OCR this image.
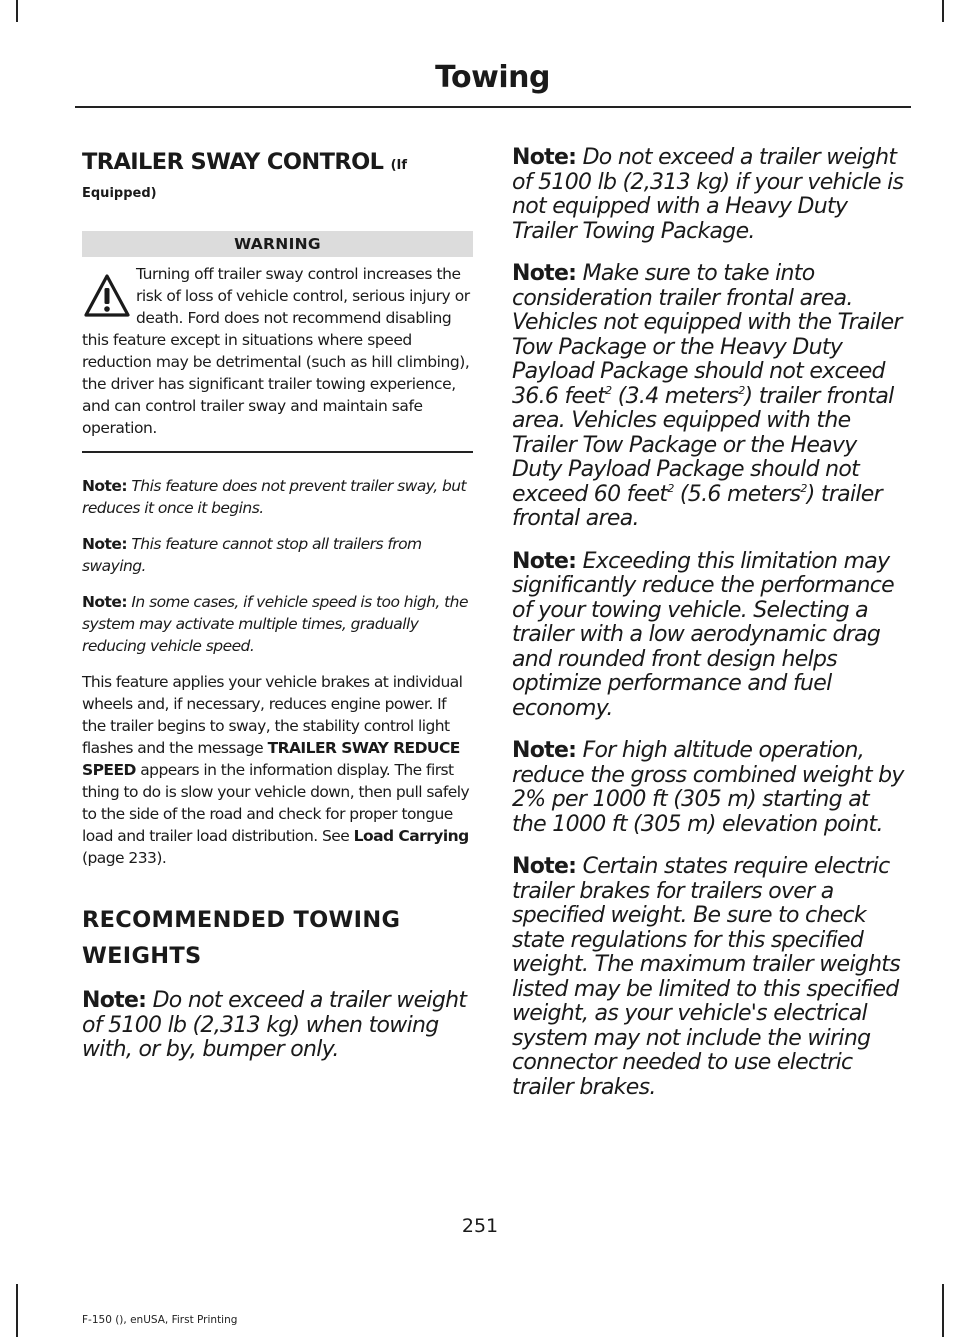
Towing
TRAILER SWAY CONTROL (If
Equipped)
WARNING
Turning off trailer sway control increases the risk of loss of vehicle control, serious injury or death. Ford does not recommend disabling this feature except in situations where speed reduction may be detrimental (such as hill climbing), the driver has significant trailer towing experience, and can control trailer sway and maintain safe operation.

Note: This feature does not prevent trailer sway, but reduces it once it begins.

Note: This feature cannot stop all trailers from swaying.

Note: In some cases, if vehicle speed is too high, the system may activate multiple times, gradually reducing vehicle speed.

This feature applies your vehicle brakes at individual wheels and, if necessary, reduces engine power. If the trailer begins to sway, the stability control light flashes and the message TRAILER SWAY REDUCE SPEED appears in the information display. The first thing to do is slow your vehicle down, then pull safely to the side of the road and check for proper tongue load and trailer load distribution. See Load Carrying (page 233).

RECOMMENDED TOWING
WEIGHTS

Note: Do not exceed a trailer weight of 5100 lb (2,313 kg) when towing with, or by, bumper only.

Note: Do not exceed a trailer weight of 5100 lb (2,313 kg) if your vehicle is not equipped with a Heavy Duty Trailer Towing Package.

Note: Make sure to take into consideration trailer frontal area. Vehicles not equipped with the Trailer Tow Package or the Heavy Duty Payload Package should not exceed 36.6 feet$^2$ (3.4 meters$^2$) trailer frontal area. Vehicles equipped with the Trailer Tow Package or the Heavy Duty Payload Package should not exceed 60 feet$^2$ (5.6 meters$^2$) trailer frontal area.

Note: Exceeding this limitation may significantly reduce the performance of your towing vehicle. Selecting a trailer with a low aerodynamic drag and rounded front design helps optimize performance and fuel economy.

Note: For high altitude operation, reduce the gross combined weight by 2% per 1000 ft (305 m) starting at the 1000 ft (305 m) elevation point.

Note: Certain states require electric trailer brakes for trailers over a specified weight. Be sure to check state regulations for this specified weight. The maximum trailer weights listed may be limited to this specified weight, as your vehicle's electrical system may not include the wiring connector needed to use electric trailer brakes.

251
F-150 (), enUSA, First Printing
